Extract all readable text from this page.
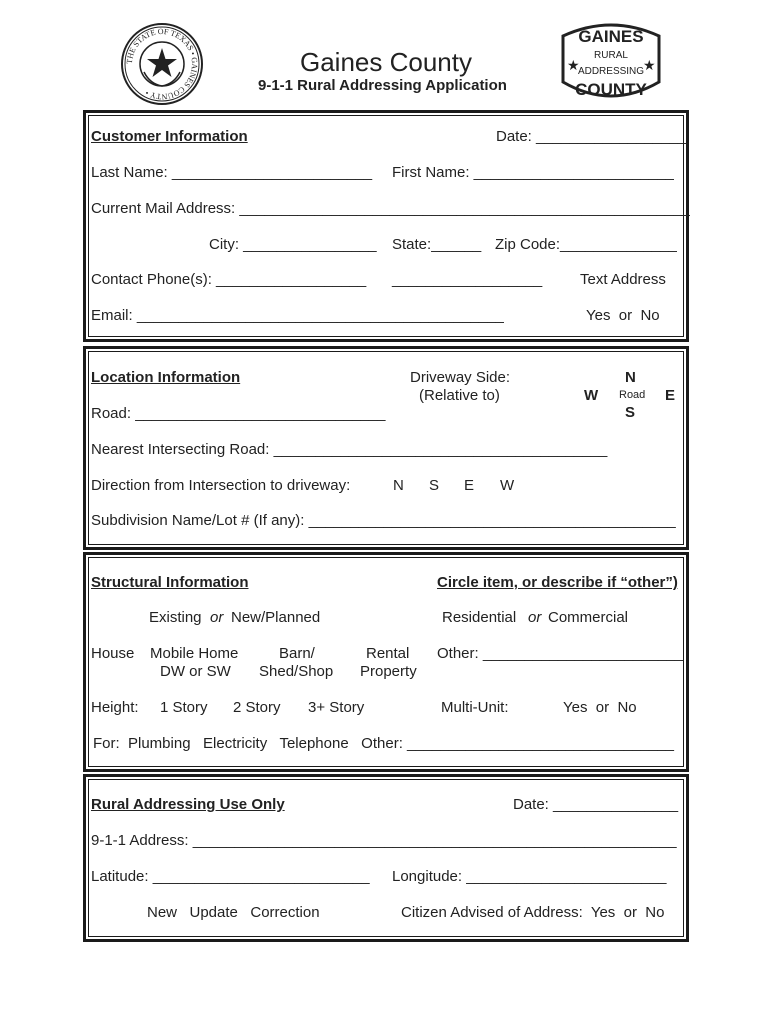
THE STATE OF TEXAS • GAINES COUNTY •
Gaines County
9-1-1 Rural Addressing Application
GAINES
RURAL
ADDRESSING
COUNTY
★	★
Customer Information	Date: __________________
Last Name: ________________________ First Name: ________________________
Current Mail Address: ______________________________________________________
City: ________________ State:______ Zip Code:______________
Contact Phone(s): __________________ __________________	Text Address
Email: ____________________________________________	Yes  or  No
Location Information	Driveway Side:
(Relative to)
N
W Road E
S
Road: ______________________________
Nearest Intersecting Road: ________________________________________
Direction from Intersection to driveway:	N S E W
Subdivision Name/Lot # (If any): ____________________________________________
Structural Information	Circle item, or describe if “other”)
Existing or New/Planned	Residential or Commercial
House Mobile Home
DW or SW
Barn/
Shed/Shop
Rental
Property
Other: ________________________
Height: 1 Story 2 Story 3+ Story	Multi-Unit:	Yes  or  No
For:  Plumbing   Electricity   Telephone   Other: ________________________________
Rural Addressing Use Only	Date: _______________
9-1-1 Address: __________________________________________________________
Latitude: __________________________ Longitude: ________________________
New   Update   Correction	Citizen Advised of Address:  Yes  or  No
